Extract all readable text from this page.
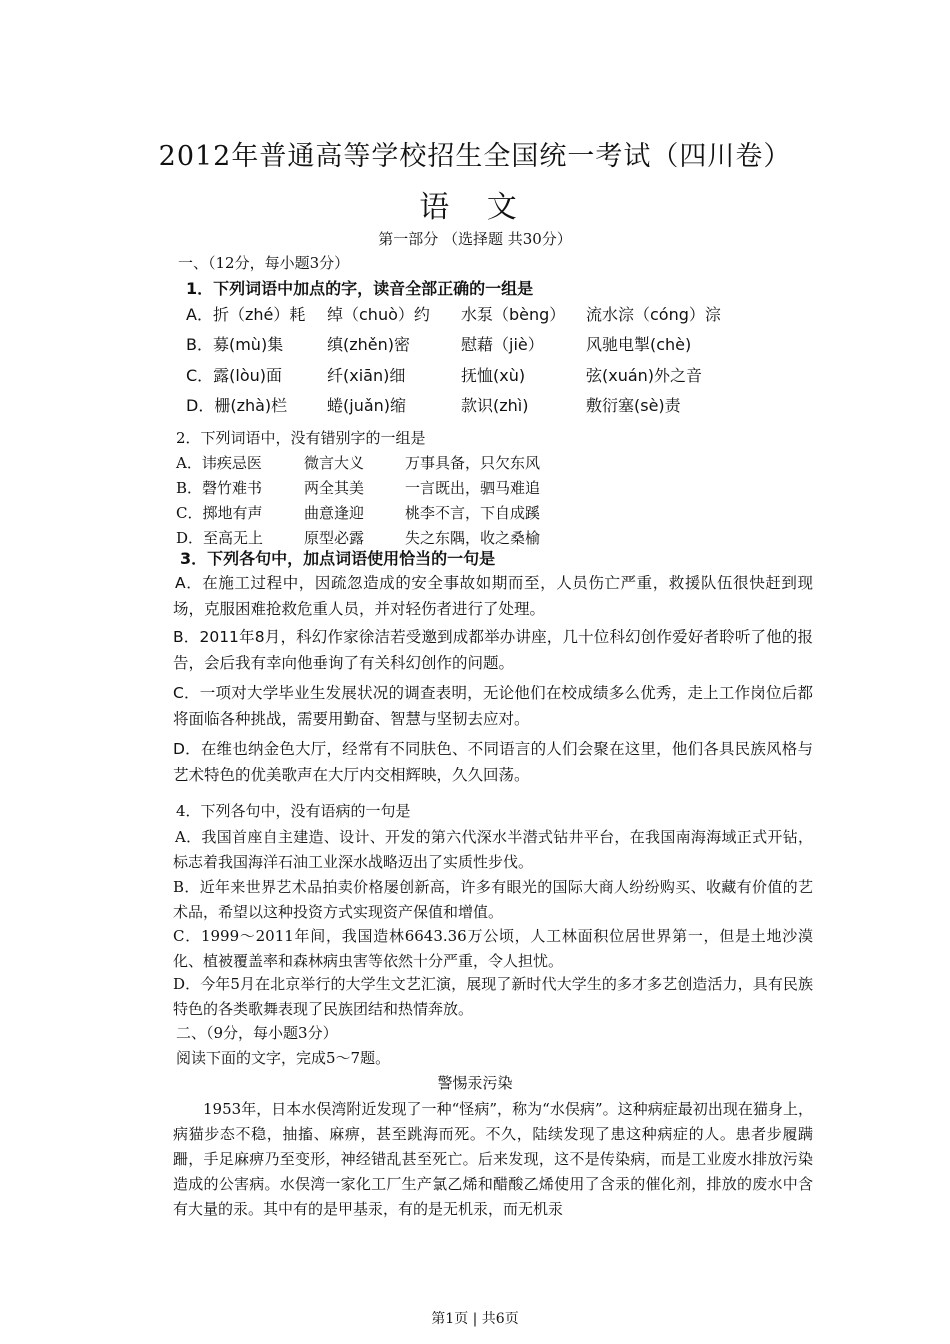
2012年普通高等学校招生全国统一考试（四川卷）
语 文
第一部分 （选择题 共30分）
一、（12分，每小题3分）
1．下列词语中加点的字，读音全部正确的一组是
A．折（zhé）耗 绰（chuò）约 水泵（bèng） 流水淙（cóng）淙
B．募(mù)集	缜(zhěn)密	慰藉（jiè）	风驰电掣(chè)
C．露(lòu)面	纤(xiān)细	抚恤(xù)	弦(xuán)外之音
D．栅(zhà)栏 蜷(juǎn)缩	款识(zhì)	敷衍塞(sè)责
2．下列词语中，没有错别字的一组是
A．讳疾忌医	微言大义	万事具备，只欠东风
B．磬竹难书	两全其美	一言既出，驷马难追
C．掷地有声	曲意逢迎	桃李不言，下自成蹊
D．至高无上	原型必露	失之东隅，收之桑榆
3．下列各句中，加点词语使用恰当的一句是
A．在施工过程中，因疏忽造成的安全事故如期而至，人员伤亡严重，救援队伍很快赶到现场，克服困难抢救危重人员，并对轻伤者进行了处理。
B．2011年8月，科幻作家徐洁若受邀到成都举办讲座，几十位科幻创作爱好者聆听了他的报告，会后我有幸向他垂询了有关科幻创作的问题。
C．一项对大学毕业生发展状况的调查表明，无论他们在校成绩多么优秀，走上工作岗位后都将面临各种挑战，需要用勤奋、智慧与坚韧去应对。
D．在维也纳金色大厅，经常有不同肤色、不同语言的人们会聚在这里，他们各具民族风格与艺术特色的优美歌声在大厅内交相辉映，久久回荡。
4．下列各句中，没有语病的一句是
A．我国首座自主建造、设计、开发的第六代深水半潜式钻井平台，在我国南海海域正式开钻，标志着我国海洋石油工业深水战略迈出了实质性步伐。
B．近年来世界艺术品拍卖价格屡创新高，许多有眼光的国际大商人纷纷购买、收藏有价值的艺术品，希望以这种投资方式实现资产保值和增值。
C．1999～2011年间，我国造林6643.36万公顷，人工林面积位居世界第一，但是土地沙漠化、植被覆盖率和森林病虫害等依然十分严重，令人担忧。
D．今年5月在北京举行的大学生文艺汇演，展现了新时代大学生的多才多艺创造活力，具有民族特色的各类歌舞表现了民族团结和热情奔放。
二、（9分，每小题3分）
阅读下面的文字，完成5～7题。
警惕汞污染
1953年，日本水俣湾附近发现了一种“怪病”，称为“水俣病”。这种病症最初出现在猫身上，病猫步态不稳，抽搐、麻痹，甚至跳海而死。不久，陆续发现了患这种病症的人。患者步履蹒跚，手足麻痹乃至变形，神经错乱甚至死亡。后来发现，这不是传染病，而是工业废水排放污染造成的公害病。水俣湾一家化工厂生产氯乙烯和醋酸乙烯使用了含汞的催化剂，排放的废水中含有大量的汞。其中有的是甲基汞，有的是无机汞，而无机汞
第1页 | 共6页
